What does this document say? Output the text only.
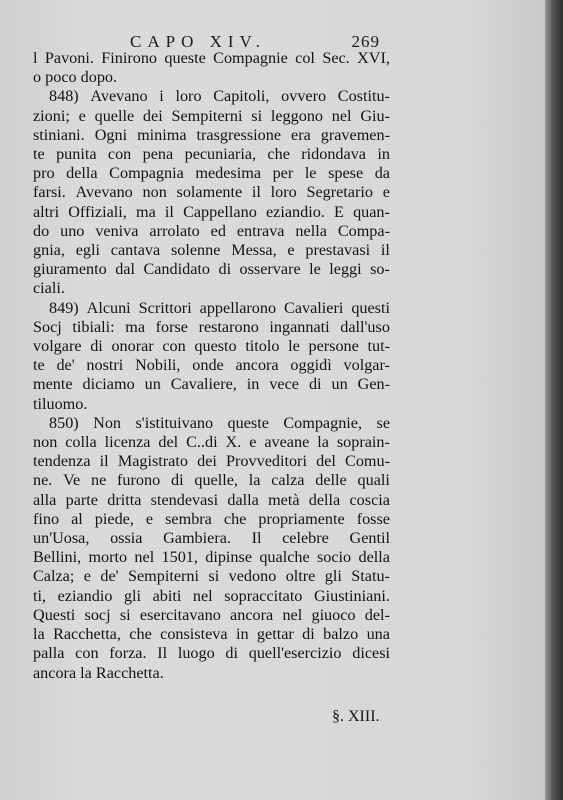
CAPO XIV.	269
l Pavoni. Finirono queste Compagnie col Sec. XVI,
o poco dopo.
848) Avevano i loro Capitoli, ovvero Costitu-
zioni; e quelle dei Sempiterni si leggono nel Giu-
stiniani. Ogni minima trasgressione era gravemen-
te punita con pena pecuniaria, che ridondava in
pro della Compagnia medesima per le spese da
farsi. Avevano non solamente il loro Segretario e
altri Offiziali, ma il Cappellano eziandio. E quan-
do uno veniva arrolato ed entrava nella Compa-
gnia, egli cantava solenne Messa, e prestavasi il
giuramento dal Candidato di osservare le leggi so-
ciali.
849) Alcuni Scrittori appellarono Cavalieri questi
Socj tibiali: ma forse restarono ingannati dall'uso
volgare di onorar con questo titolo le persone tut-
te de' nostri Nobili, onde ancora oggidì volgar-
mente diciamo un Cavaliere, in vece di un Gen-
tiluomo.
850) Non s'istituivano queste Compagnie, se
non colla licenza del C..di X. e aveane la soprain-
tendenza il Magistrato dei Provveditori del Comu-
ne. Ve ne furono di quelle, la calza delle quali
alla parte dritta stendevasi dalla metà della coscia
fino al piede, e sembra che propriamente fosse
un'Uosa, ossia Gambiera. Il celebre Gentil
Bellini, morto nel 1501, dipinse qualche socio della
Calza; e de' Sempiterni si vedono oltre gli Statu-
ti, eziandio gli abiti nel sopraccitato Giustiniani.
Questi socj si esercitavano ancora nel giuoco del-
la Racchetta, che consisteva in gettar di balzo una
palla con forza. Il luogo di quell'esercizio dicesi
ancora la Racchetta.
§. XIII.
